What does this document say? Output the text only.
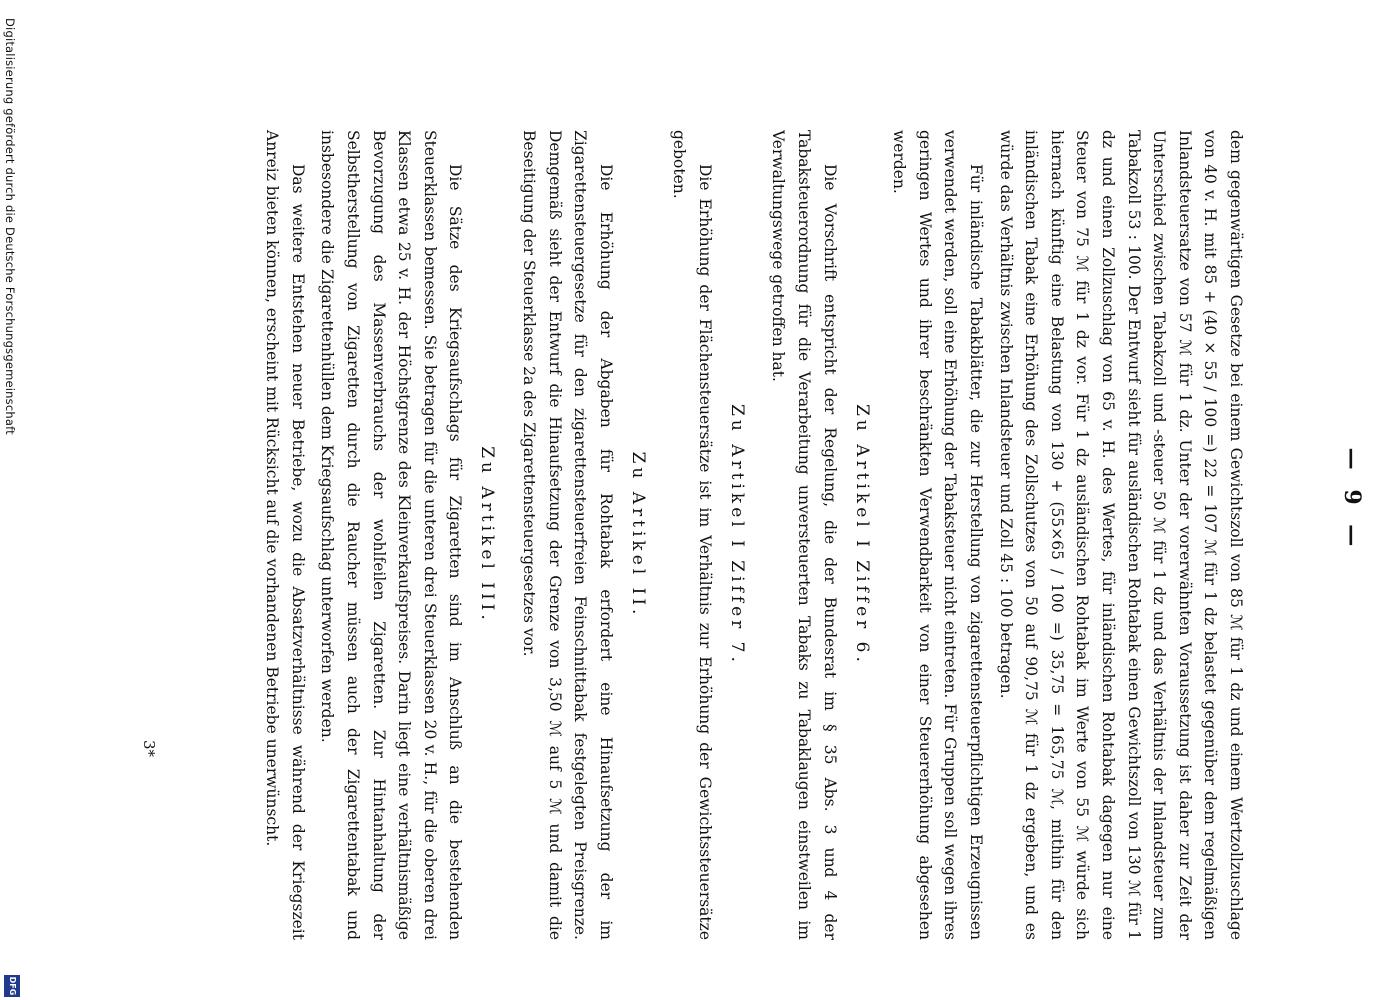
— 9 —

dem gegenwärtigen Gesetze bei einem Gewichtszoll von 85 ℳ für 1 dz und einem Wertzollzuschlage von 40 v. H. mit 85 + (40 × 55 / 100 =) 22 = 107 ℳ für 1 dz belastet gegenüber dem regelmäßigen Inlandsteuersatze von 57 ℳ für 1 dz. Unter der vorerwähnten Voraussetzung ist daher zur Zeit der Unterschied zwischen Tabakzoll und -steuer 50 ℳ für 1 dz und das Verhältnis der Inlandsteuer zum Tabakzoll 53 : 100. Der Entwurf sieht für ausländischen Rohtabak einen Gewichtszoll von 130 ℳ für 1 dz und einen Zollzuschlag von 65 v. H. des Wertes, für inländischen Rohtabak dagegen nur eine Steuer von 75 ℳ für 1 dz vor. Für 1 dz ausländischen Rohtabak im Werte von 55 ℳ würde sich hiernach künftig eine Belastung von 130 + (55×65 / 100 =) 35,75 = 165,75 ℳ, mithin für den inländischen Tabak eine Erhöhung des Zollschutzes von 50 auf 90,75 ℳ für 1 dz ergeben, und es würde das Verhältnis zwischen Inlandsteuer und Zoll 45 : 100 betragen.

Für inländische Tabakblätter, die zur Herstellung von zigarettensteuerpflichtigen Erzeugnissen verwendet werden, soll eine Erhöhung der Tabaksteuer nicht eintreten. Für Gruppen soll wegen ihres geringen Wertes und ihrer beschränkten Verwendbarkeit von einer Steuererhöhung abgesehen werden.

Zu Artikel I Ziffer 6.

Die Vorschrift entspricht der Regelung, die der Bundesrat im § 35 Abs. 3 und 4 der Tabaksteuerordnung für die Verarbeitung unversteuerten Tabaks zu Tabaklaugen einstweilen im Verwaltungswege getroffen hat.

Zu Artikel I Ziffer 7.

Die Erhöhung der Flächensteuersätze ist im Verhältnis zur Erhöhung der Gewichtssteuersätze geboten.

Zu Artikel II.

Die Erhöhung der Abgaben für Rohtabak erfordert eine Hinaufsetzung der im Zigarettensteuergesetze für den zigarettensteuerfreien Feinschnittabak festgelegten Preisgrenze. Demgemäß sieht der Entwurf die Hinaufsetzung der Grenze von 3,50 ℳ auf 5 ℳ und damit die Beseitigung der Steuerklasse 2a des Zigarettensteuergesetzes vor.

Zu Artikel III.

Die Sätze des Kriegsaufschlags für Zigaretten sind im Anschluß an die bestehenden Steuerklassen bemessen. Sie betragen für die unteren drei Steuerklassen 20 v. H., für die oberen drei Klassen etwa 25 v. H. der Höchstgrenze des Kleinverkaufspreises. Darin liegt eine verhältnismäßige Bevorzugung des Massenverbrauchs der wohlfeilen Zigaretten. Zur Hintanhaltung der Selbstherstellung von Zigaretten durch die Raucher müssen auch der Zigarettentabak und insbesondere die Zigarettenhüllen dem Kriegsaufschlag unterworfen werden.

Das weitere Entstehen neuer Betriebe, wozu die Absatzverhältnisse während der Kriegszeit Anreiz bieten können, erscheint mit Rücksicht auf die vorhandenen Betriebe unerwünscht.

3*
Digitalisierung gefördert durch die Deutsche Forschungsgemeinschaft
DFG
